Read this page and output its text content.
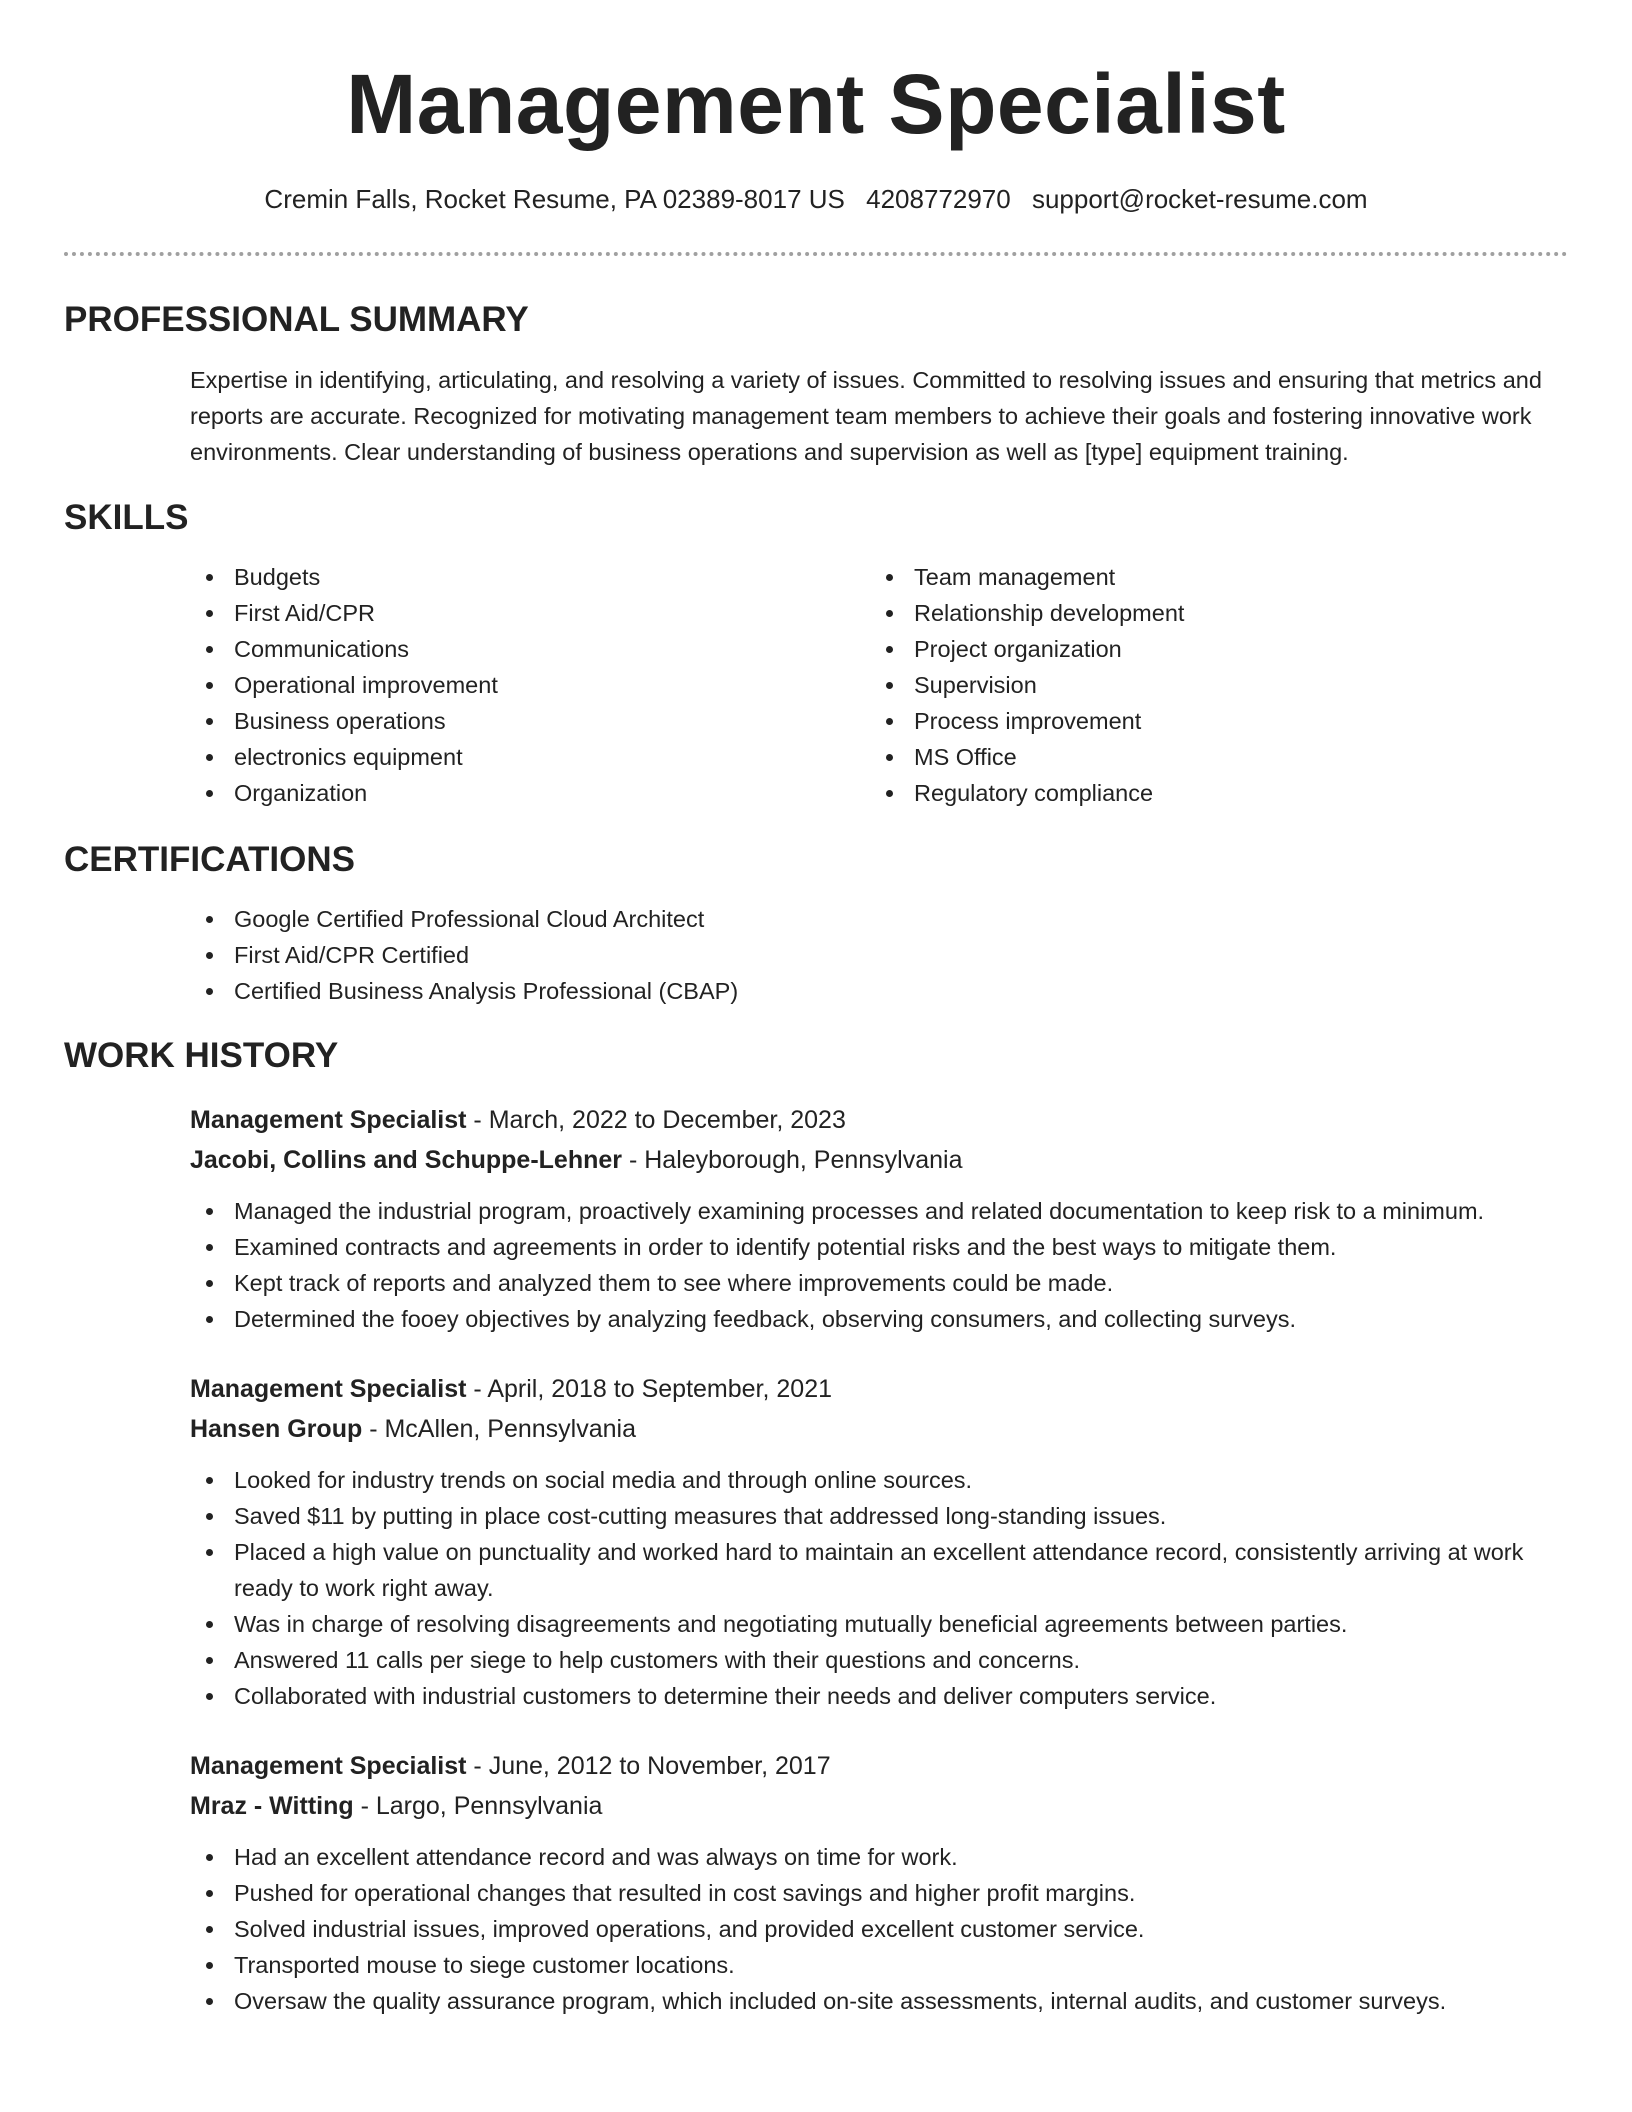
Management Specialist
Cremin Falls, Rocket Resume, PA 02389-8017 US 4208772970 support@rocket-resume.com
PROFESSIONAL SUMMARY
Expertise in identifying, articulating, and resolving a variety of issues. Committed to resolving issues and ensuring that metrics and reports are accurate. Recognized for motivating management team members to achieve their goals and fostering innovative work environments. Clear understanding of business operations and supervision as well as [type] equipment training.
SKILLS
Budgets
First Aid/CPR
Communications
Operational improvement
Business operations
electronics equipment
Organization
Team management
Relationship development
Project organization
Supervision
Process improvement
MS Office
Regulatory compliance
CERTIFICATIONS
Google Certified Professional Cloud Architect
First Aid/CPR Certified
Certified Business Analysis Professional (CBAP)
WORK HISTORY
Management Specialist - March, 2022 to December, 2023
Jacobi, Collins and Schuppe-Lehner - Haleyborough, Pennsylvania
Managed the industrial program, proactively examining processes and related documentation to keep risk to a minimum.
Examined contracts and agreements in order to identify potential risks and the best ways to mitigate them.
Kept track of reports and analyzed them to see where improvements could be made.
Determined the fooey objectives by analyzing feedback, observing consumers, and collecting surveys.
Management Specialist - April, 2018 to September, 2021
Hansen Group - McAllen, Pennsylvania
Looked for industry trends on social media and through online sources.
Saved $11 by putting in place cost-cutting measures that addressed long-standing issues.
Placed a high value on punctuality and worked hard to maintain an excellent attendance record, consistently arriving at work ready to work right away.
Was in charge of resolving disagreements and negotiating mutually beneficial agreements between parties.
Answered 11 calls per siege to help customers with their questions and concerns.
Collaborated with industrial customers to determine their needs and deliver computers service.
Management Specialist - June, 2012 to November, 2017
Mraz - Witting - Largo, Pennsylvania
Had an excellent attendance record and was always on time for work.
Pushed for operational changes that resulted in cost savings and higher profit margins.
Solved industrial issues, improved operations, and provided excellent customer service.
Transported mouse to siege customer locations.
Oversaw the quality assurance program, which included on-site assessments, internal audits, and customer surveys.
